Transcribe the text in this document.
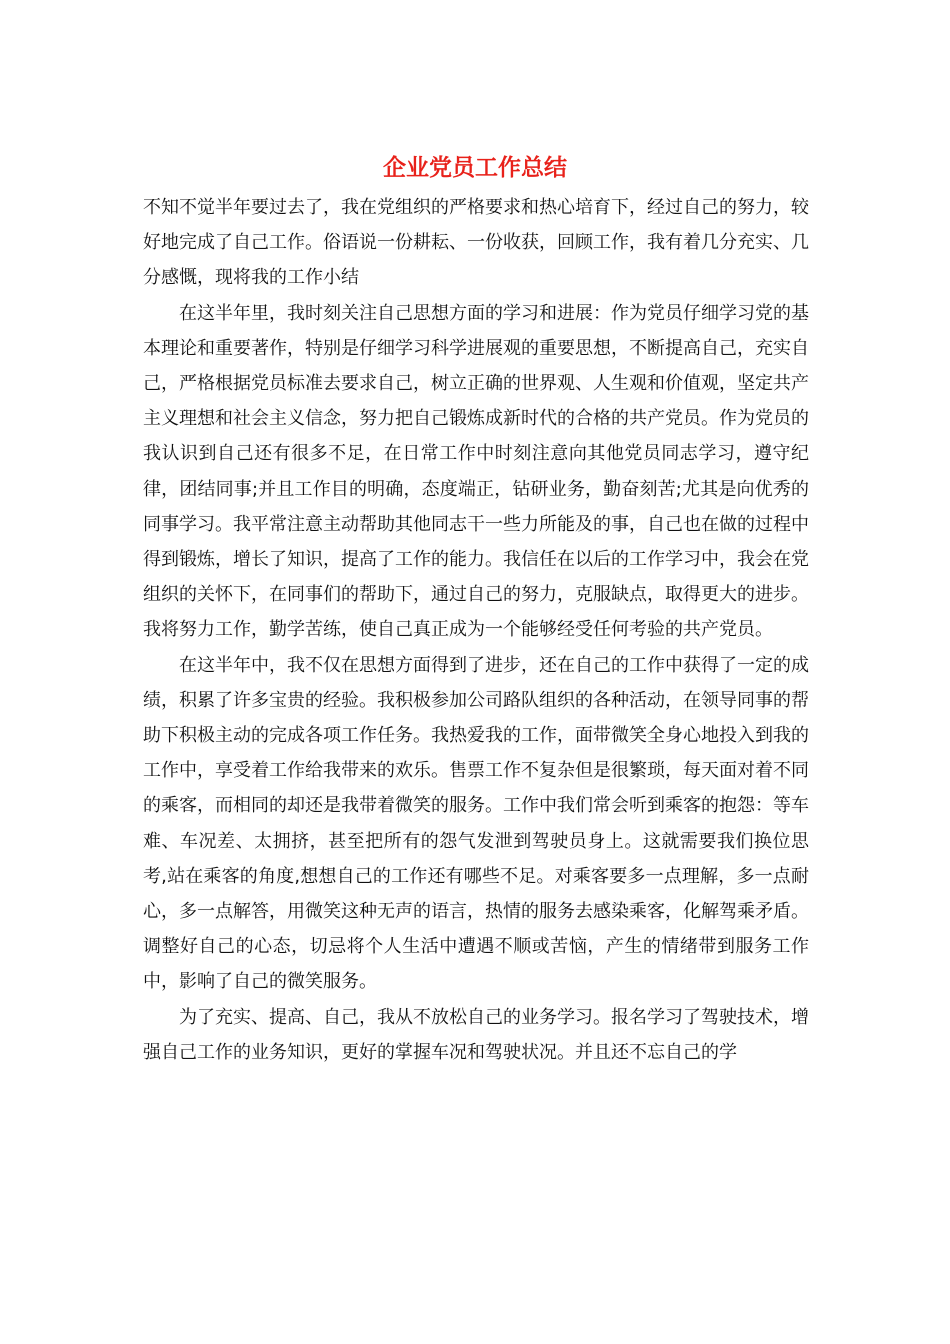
企业党员工作总结

不知不觉半年要过去了，我在党组织的严格要求和热心培育下，经过自己的努力，较好地完成了自己工作。俗语说一份耕耘、一份收获，回顾工作，我有着几分充实、几分感慨，现将我的工作小结

在这半年里，我时刻关注自己思想方面的学习和进展：作为党员仔细学习党的基本理论和重要著作，特别是仔细学习科学进展观的重要思想，不断提高自己，充实自己，严格根据党员标准去要求自己，树立正确的世界观、人生观和价值观，坚定共产主义理想和社会主义信念，努力把自己锻炼成新时代的合格的共产党员。作为党员的我认识到自己还有很多不足，在日常工作中时刻注意向其他党员同志学习，遵守纪律，团结同事;并且工作目的明确，态度端正，钻研业务，勤奋刻苦;尤其是向优秀的同事学习。我平常注意主动帮助其他同志干一些力所能及的事，自己也在做的过程中得到锻炼，增长了知识，提高了工作的能力。我信任在以后的工作学习中，我会在党组织的关怀下，在同事们的帮助下，通过自己的努力，克服缺点，取得更大的进步。我将努力工作，勤学苦练，使自己真正成为一个能够经受任何考验的共产党员。

在这半年中，我不仅在思想方面得到了进步，还在自己的工作中获得了一定的成绩，积累了许多宝贵的经验。我积极参加公司路队组织的各种活动，在领导同事的帮助下积极主动的完成各项工作任务。我热爱我的工作，面带微笑全身心地投入到我的工作中，享受着工作给我带来的欢乐。售票工作不复杂但是很繁琐，每天面对着不同的乘客，而相同的却还是我带着微笑的服务。工作中我们常会听到乘客的抱怨：等车难、车况差、太拥挤，甚至把所有的怨气发泄到驾驶员身上。这就需要我们换位思考,站在乘客的角度,想想自己的工作还有哪些不足。对乘客要多一点理解，多一点耐心，多一点解答，用微笑这种无声的语言，热情的服务去感染乘客，化解驾乘矛盾。调整好自己的心态，切忌将个人生活中遭遇不顺或苦恼，产生的情绪带到服务工作中，影响了自己的微笑服务。

为了充实、提高、自己，我从不放松自己的业务学习。报名学习了驾驶技术，增强自己工作的业务知识，更好的掌握车况和驾驶状况。并且还不忘自己的学
